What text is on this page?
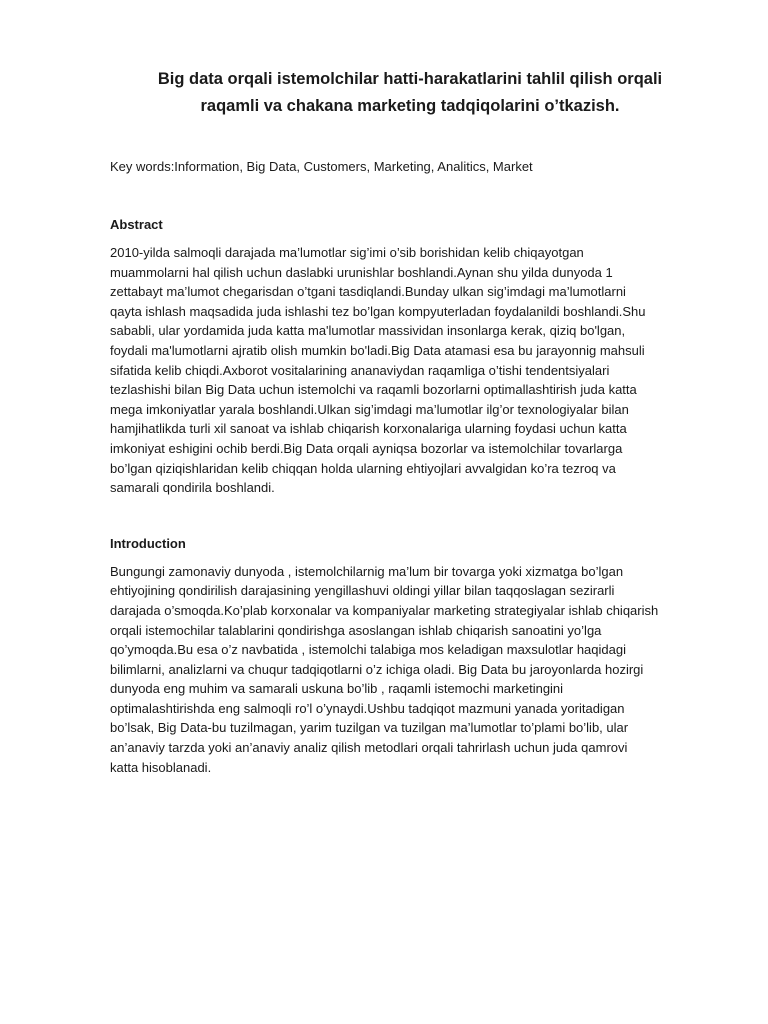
Big data orqali istemolchilar hatti-harakatlarini tahlil qilish orqali
raqamli va chakana marketing tadqiqolarini o’tkazish.

Key words:Information, Big Data, Customers, Marketing, Analitics, Market

Abstract

2010-yilda salmoqli darajada ma’lumotlar sig’imi o’sib borishidan kelib chiqayotgan
muammolarni hal qilish uchun daslabki urunishlar boshlandi.Aynan shu yilda dunyoda 1
zettabayt ma’lumot chegarisdan o’tgani tasdiqlandi.Bunday ulkan sig’imdagi ma’lumotlarni
qayta ishlash maqsadida juda ishlashi tez bo’lgan kompyuterladan foydalanildi boshlandi.Shu
sababli, ular yordamida juda katta ma'lumotlar massividan insonlarga kerak, qiziq bo'lgan,
foydali ma'lumotlarni ajratib olish mumkin bo'ladi.Big Data atamasi esa bu jarayonnig mahsuli
sifatida kelib chiqdi.Axborot vositalarining ananaviydan raqamliga o’tishi tendentsiyalari
tezlashishi bilan Big Data uchun istemolchi va raqamli bozorlarni optimallashtirish juda katta
mega imkoniyatlar yarala boshlandi.Ulkan sig’imdagi ma’lumotlar ilg’or texnologiyalar bilan
hamjihatlikda turli xil sanoat va ishlab chiqarish korxonalariga ularning foydasi uchun katta
imkoniyat eshigini ochib berdi.Big Data orqali ayniqsa bozorlar va istemolchilar tovarlarga
bo’lgan qiziqishlaridan kelib chiqqan holda ularning ehtiyojlari avvalgidan ko’ra tezroq va
samarali qondirila boshlandi.

Introduction

Bungungi zamonaviy dunyoda , istemolchilarnig ma’lum bir tovarga yoki xizmatga bo’lgan
ehtiyojining qondirilish darajasining yengillashuvi oldingi yillar bilan taqqoslagan sezirarli
darajada o’smoqda.Ko’plab korxonalar va kompaniyalar marketing strategiyalar ishlab chiqarish
orqali istemochilar talablarini qondirishga asoslangan ishlab chiqarish sanoatini yo’lga
qo’ymoqda.Bu esa o’z navbatida , istemolchi talabiga mos keladigan maxsulotlar haqidagi
bilimlarni, analizlarni va chuqur tadqiqotlarni o’z ichiga oladi. Big Data bu jaroyonlarda hozirgi
dunyoda eng muhim va samarali uskuna bo’lib , raqamli istemochi marketingini
optimalashtirishda eng salmoqli ro’l o’ynaydi.Ushbu tadqiqot mazmuni yanada yoritadigan
bo’lsak, Big Data-bu tuzilmagan, yarim tuzilgan va tuzilgan ma’lumotlar to’plami bo’lib, ular
an’anaviy tarzda yoki an’anaviy analiz qilish metodlari orqali tahrirlash uchun juda qamrovi
katta hisoblanadi.
